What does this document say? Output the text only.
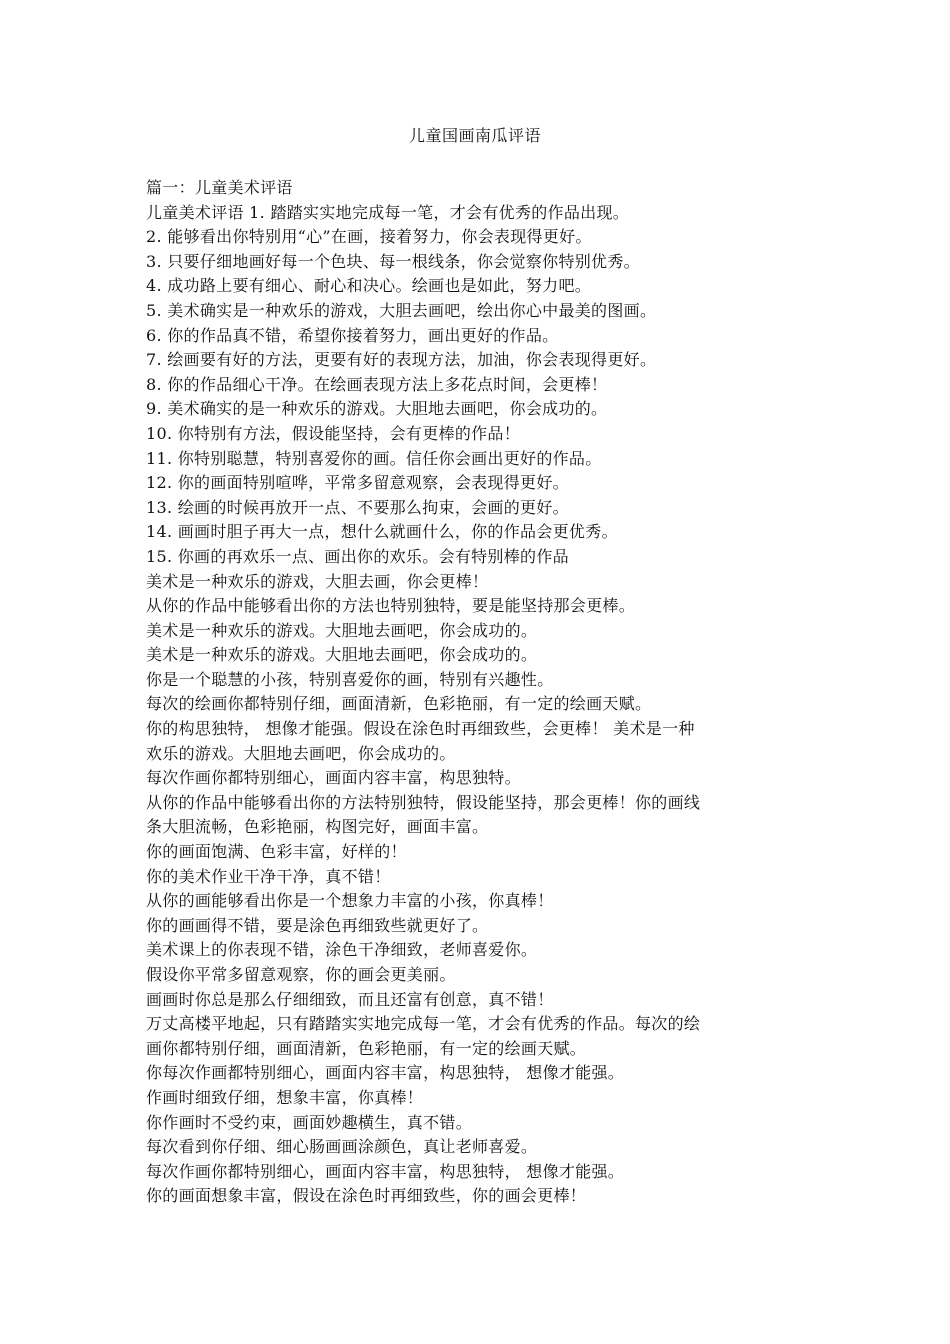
儿童国画南瓜评语
篇一：儿童美术评语
儿童美术评语 1. 踏踏实实地完成每一笔，才会有优秀的作品出现。
2. 能够看出你特别用“心”在画，接着努力，你会表现得更好。
3. 只要仔细地画好每一个色块、每一根线条，你会觉察你特别优秀。
4. 成功路上要有细心、耐心和决心。绘画也是如此，努力吧。
5. 美术确实是一种欢乐的游戏，大胆去画吧，绘出你心中最美的图画。
6. 你的作品真不错，希望你接着努力，画出更好的作品。
7. 绘画要有好的方法，更要有好的表现方法，加油，你会表现得更好。
8. 你的作品细心干净。在绘画表现方法上多花点时间，会更棒！
9. 美术确实的是一种欢乐的游戏。大胆地去画吧，你会成功的。
10. 你特别有方法，假设能坚持，会有更棒的作品！
11. 你特别聪慧，特别喜爱你的画。信任你会画出更好的作品。
12. 你的画面特别喧哗，平常多留意观察，会表现得更好。
13. 绘画的时候再放开一点、不要那么拘束，会画的更好。
14. 画画时胆子再大一点，想什么就画什么，你的作品会更优秀。
15. 你画的再欢乐一点、画出你的欢乐。会有特别棒的作品
美术是一种欢乐的游戏，大胆去画，你会更棒！
从你的作品中能够看出你的方法也特别独特，要是能坚持那会更棒。
美术是一种欢乐的游戏。大胆地去画吧，你会成功的。
美术是一种欢乐的游戏。大胆地去画吧，你会成功的。
你是一个聪慧的小孩，特别喜爱你的画，特别有兴趣性。
每次的绘画你都特别仔细，画面清新，色彩艳丽，有一定的绘画天赋。
你的构思独特， 想像才能强。假设在涂色时再细致些，会更棒！ 美术是一种
欢乐的游戏。大胆地去画吧，你会成功的。
每次作画你都特别细心，画面内容丰富，构思独特。
从你的作品中能够看出你的方法特别独特，假设能坚持，那会更棒！你的画线
条大胆流畅，色彩艳丽，构图完好，画面丰富。
你的画面饱满、色彩丰富，好样的！
你的美术作业干净干净，真不错！
从你的画能够看出你是一个想象力丰富的小孩，你真棒！
你的画画得不错，要是涂色再细致些就更好了。
美术课上的你表现不错，涂色干净细致，老师喜爱你。
假设你平常多留意观察，你的画会更美丽。
画画时你总是那么仔细细致，而且还富有创意，真不错！
万丈高楼平地起，只有踏踏实实地完成每一笔，才会有优秀的作品。每次的绘
画你都特别仔细，画面清新，色彩艳丽，有一定的绘画天赋。
你每次作画都特别细心，画面内容丰富，构思独特， 想像才能强。
作画时细致仔细，想象丰富，你真棒！
你作画时不受约束，画面妙趣横生，真不错。
每次看到你仔细、细心肠画画涂颜色，真让老师喜爱。
每次作画你都特别细心，画面内容丰富，构思独特， 想像才能强。
你的画面想象丰富，假设在涂色时再细致些，你的画会更棒！
